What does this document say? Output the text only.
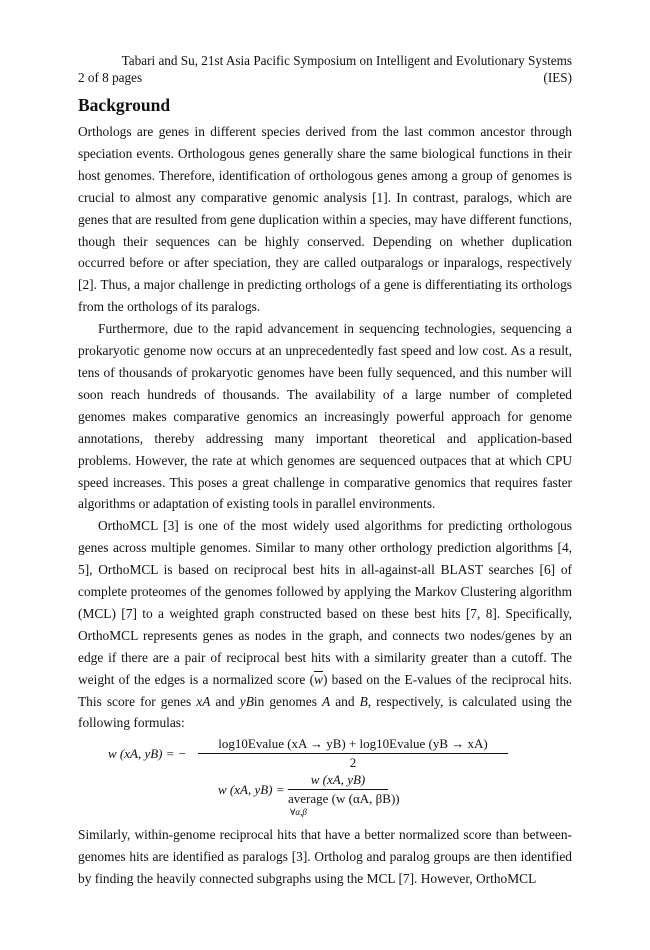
Tabari and Su, 21st Asia Pacific Symposium on Intelligent and Evolutionary Systems
2 of 8 pages	(IES)
Background

Orthologs are genes in different species derived from the last common ancestor through speciation events. Orthologous genes generally share the same biological functions in their host genomes. Therefore, identification of orthologous genes among a group of genomes is crucial to almost any comparative genomic analysis [1]. In contrast, paralogs, which are genes that are resulted from gene duplication within a species, may have different functions, though their sequences can be highly conserved. Depending on whether duplication occurred before or after speciation, they are called outparalogs or inparalogs, respectively [2]. Thus, a major challenge in predicting orthologs of a gene is differentiating its orthologs from the orthologs of its paralogs.

Furthermore, due to the rapid advancement in sequencing technologies, sequencing a prokaryotic genome now occurs at an unprecedentedly fast speed and low cost. As a result, tens of thousands of prokaryotic genomes have been fully sequenced, and this number will soon reach hundreds of thousands. The availability of a large number of completed genomes makes comparative genomics an increasingly powerful approach for genome annotations, thereby addressing many important theoretical and application-based problems. However, the rate at which genomes are sequenced outpaces that at which CPU speed increases. This poses a great challenge in comparative genomics that requires faster algorithms or adaptation of existing tools in parallel environments.

OrthoMCL [3] is one of the most widely used algorithms for predicting orthologous genes across multiple genomes. Similar to many other orthology prediction algorithms [4, 5], OrthoMCL is based on reciprocal best hits in all-against-all BLAST searches [6] of complete proteomes of the genomes followed by applying the Markov Clustering algorithm (MCL) [7] to a weighted graph constructed based on these best hits [7, 8]. Specifically, OrthoMCL represents genes as nodes in the graph, and connects two nodes/genes by an edge if there are a pair of reciprocal best hits with a similarity greater than a cutoff. The weight of the edges is a normalized score $(\overline{w})$ based on the E-values of the reciprocal hits. This score for genes xA and yBin genomes A and B, respectively, is calculated using the following formulas:

w (xA, yB) = −
log10Evalue (xA → yB) + log10Evalue (yB → xA)
2
w (xA, yB) =
w (xA, yB)
average (w (αA, βB))
∀α,β

Similarly, within-genome reciprocal hits that have a better normalized score than between-genomes hits are identified as paralogs [3]. Ortholog and paralog groups are then identified by finding the heavily connected subgraphs using the MCL [7]. However, OrthoMCL
